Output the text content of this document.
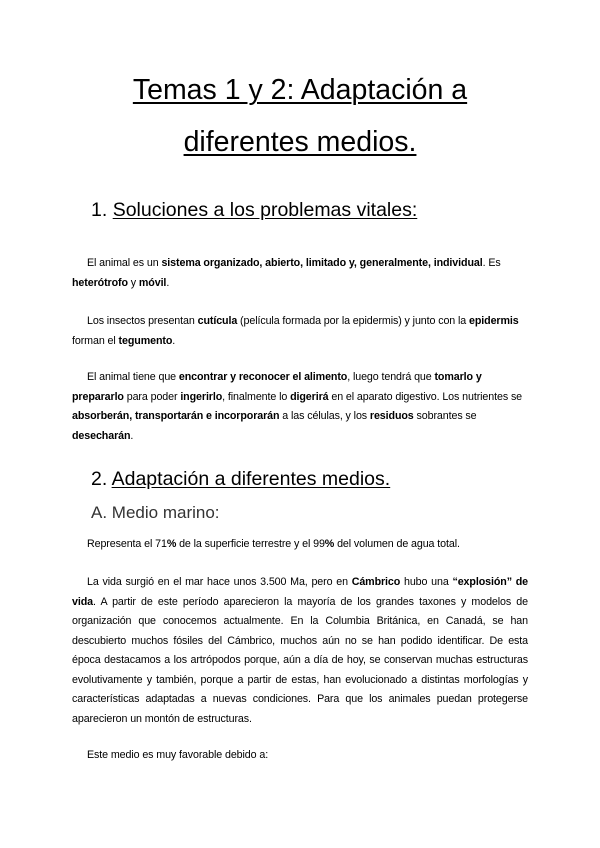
Temas 1 y 2: Adaptación a
diferentes medios.
1. Soluciones a los problemas vitales:

El animal es un sistema organizado, abierto, limitado y, generalmente, individual. Es heterótrofo y móvil.

Los insectos presentan cutícula (película formada por la epidermis) y junto con la epidermis forman el tegumento.

El animal tiene que encontrar y reconocer el alimento, luego tendrá que tomarlo y prepararlo para poder ingerirlo, finalmente lo digerirá en el aparato digestivo. Los nutrientes se absorberán, transportarán e incorporarán a las células, y los residuos sobrantes se desecharán.

2. Adaptación a diferentes medios.
A. Medio marino:

Representa el 71% de la superficie terrestre y el 99% del volumen de agua total.

La vida surgió en el mar hace unos 3.500 Ma, pero en Cámbrico hubo una “explosión” de vida. A partir de este período aparecieron la mayoría de los grandes taxones y modelos de organización que conocemos actualmente. En la Columbia Británica, en Canadá, se han descubierto muchos fósiles del Cámbrico, muchos aún no se han podido identificar. De esta época destacamos a los artrópodos porque, aún a día de hoy, se conservan muchas estructuras evolutivamente y también, porque a partir de estas, han evolucionado a distintas morfologías y características adaptadas a nuevas condiciones. Para que los animales puedan protegerse aparecieron un montón de estructuras.

Este medio es muy favorable debido a:
